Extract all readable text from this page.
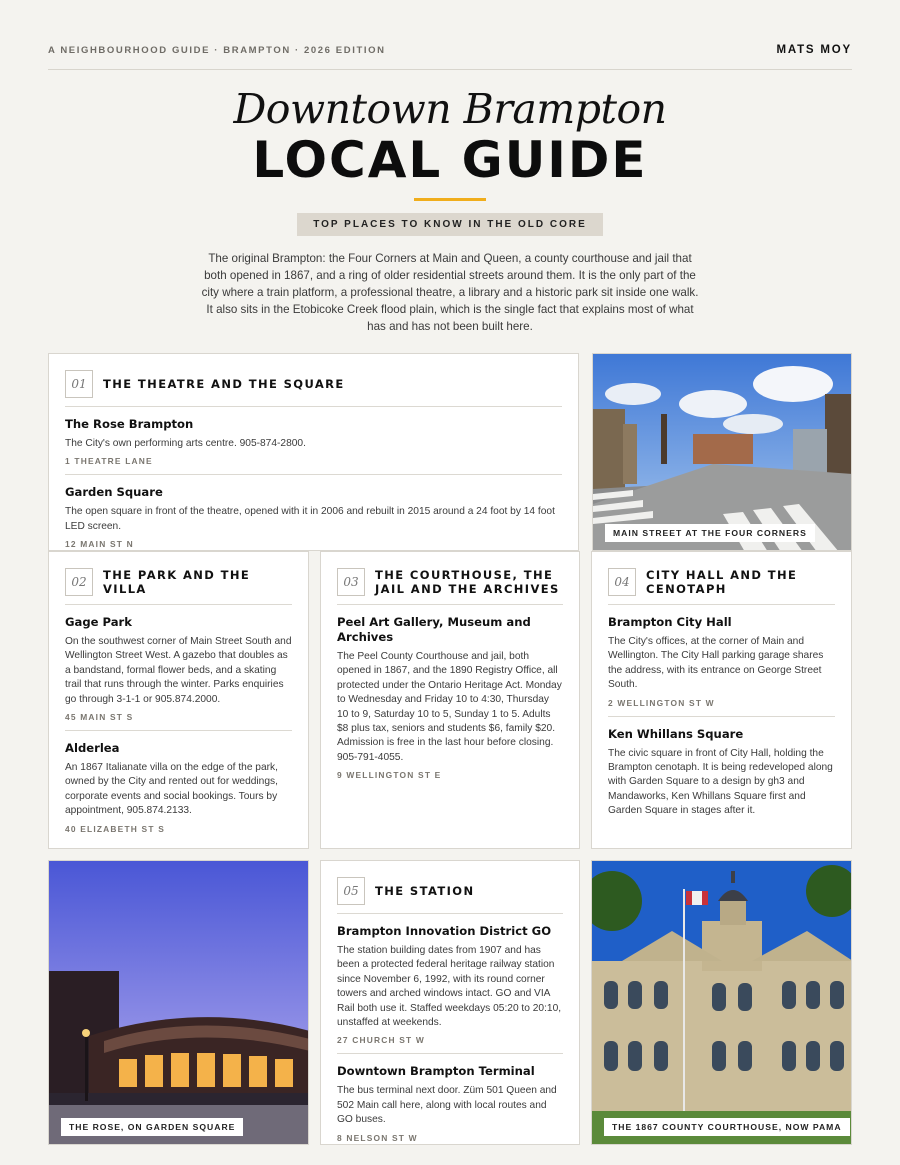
A NEIGHBOURHOOD GUIDE · BRAMPTON · 2026 EDITION	MATS MOY
Downtown Brampton
LOCAL GUIDE
TOP PLACES TO KNOW IN THE OLD CORE
The original Brampton: the Four Corners at Main and Queen, a county courthouse and jail that both opened in 1867, and a ring of older residential streets around them. It is the only part of the city where a train platform, a professional theatre, a library and a historic park sit inside one walk. It also sits in the Etobicoke Creek flood plain, which is the single fact that explains most of what has and has not been built here.
01	THE THEATRE AND THE SQUARE
The Rose Brampton

The City's own performing arts centre. 905-874-2800.

1 THEATRE LANE
Garden Square

The open square in front of the theatre, opened with it in 2006 and rebuilt in 2015 around a 24 foot by 14 foot LED screen.

12 MAIN ST N
MAIN STREET AT THE FOUR CORNERS
02	THE PARK AND THE VILLA
Gage Park

On the southwest corner of Main Street South and Wellington Street West. A gazebo that doubles as a bandstand, formal flower beds, and a skating trail that runs through the winter. Parks enquiries go through 3-1-1 or 905.874.2000.

45 MAIN ST S
Alderlea

An 1867 Italianate villa on the edge of the park, owned by the City and rented out for weddings, corporate events and social bookings. Tours by appointment, 905.874.2133.

40 ELIZABETH ST S
03	THE COURTHOUSE, THE JAIL AND THE ARCHIVES
Peel Art Gallery, Museum and Archives

The Peel County Courthouse and jail, both opened in 1867, and the 1890 Registry Office, all protected under the Ontario Heritage Act. Monday to Wednesday and Friday 10 to 4:30, Thursday 10 to 9, Saturday 10 to 5, Sunday 1 to 5. Adults $8 plus tax, seniors and students $6, family $20. Admission is free in the last hour before closing. 905-791-4055.

9 WELLINGTON ST E
04	CITY HALL AND THE CENOTAPH
Brampton City Hall

The City's offices, at the corner of Main and Wellington. The City Hall parking garage shares the address, with its entrance on George Street South.

2 WELLINGTON ST W
Ken Whillans Square

The civic square in front of City Hall, holding the Brampton cenotaph. It is being redeveloped along with Garden Square to a design by gh3 and Mandaworks, Ken Whillans Square first and Garden Square in stages after it.

THE ROSE, ON GARDEN SQUARE
05	THE STATION
Brampton Innovation District GO

The station building dates from 1907 and has been a protected federal heritage railway station since November 6, 1992, with its round corner towers and arched windows intact. GO and VIA Rail both use it. Staffed weekdays 05:20 to 20:10, unstaffed at weekends.

27 CHURCH ST W
Downtown Brampton Terminal

The bus terminal next door. Züm 501 Queen and 502 Main call here, along with local routes and GO buses.

8 NELSON ST W
THE 1867 COUNTY COURTHOUSE, NOW PAMA
